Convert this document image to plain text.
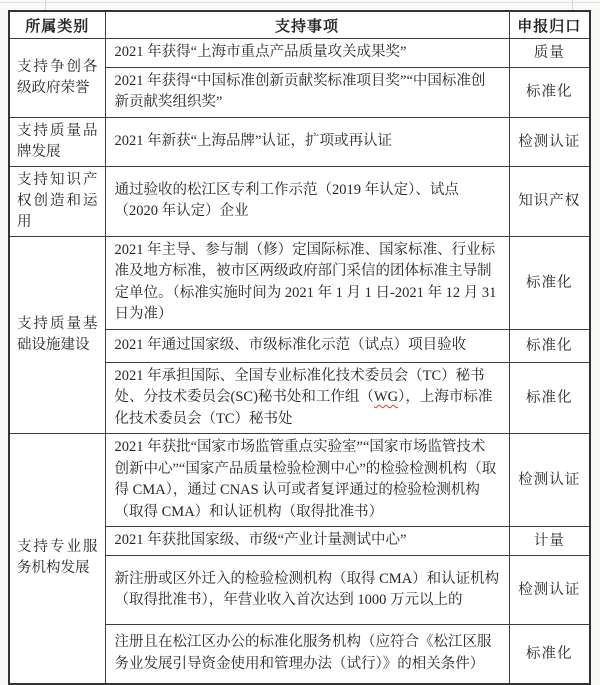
所属类别	支持事项	申报归口
支持争创各级政府荣誉	2021 年获得“上海市重点产品质量攻关成果奖”	质量
	2021 年获得“中国标准创新贡献奖标准项目奖”“中国标准创新贡献奖组织奖”	标准化
支持质量品牌发展	2021 年新获“上海品牌”认证，扩项或再认证	检测认证
支持知识产权创造和运用	通过验收的松江区专利工作示范（2019 年认定）、试点（2020 年认定）企业	知识产权
支持质量基础设施建设	2021 年主导、参与制（修）定国际标准、国家标准、行业标准及地方标准，被市区两级政府部门采信的团体标准主导制定单位。（标准实施时间为 2021 年 1 月 1 日-2021 年 12 月 31 日为准）	标准化
	2021 年通过国家级、市级标准化示范（试点）项目验收	标准化
	2021 年承担国际、全国专业标准化技术委员会（TC）秘书处、分技术委员会(SC)秘书处和工作组（WG），上海市标准化技术委员会（TC）秘书处	标准化
支持专业服务机构发展	2021 年获批“国家市场监管重点实验室”“国家市场监管技术创新中心”“国家产品质量检验检测中心”的检验检测机构（取得 CMA），通过 CNAS 认可或者复评通过的检验检测机构（取得 CMA）和认证机构（取得批准书）	检测认证
	2021 年获批国家级、市级“产业计量测试中心”	计量
	新注册或区外迁入的检验检测机构（取得 CMA）和认证机构（取得批准书），年营业收入首次达到 1000 万元以上的	检测认证
	注册且在松江区办公的标准化服务机构（应符合《松江区服务业发展引导资金使用和管理办法（试行）》的相关条件）	标准化
